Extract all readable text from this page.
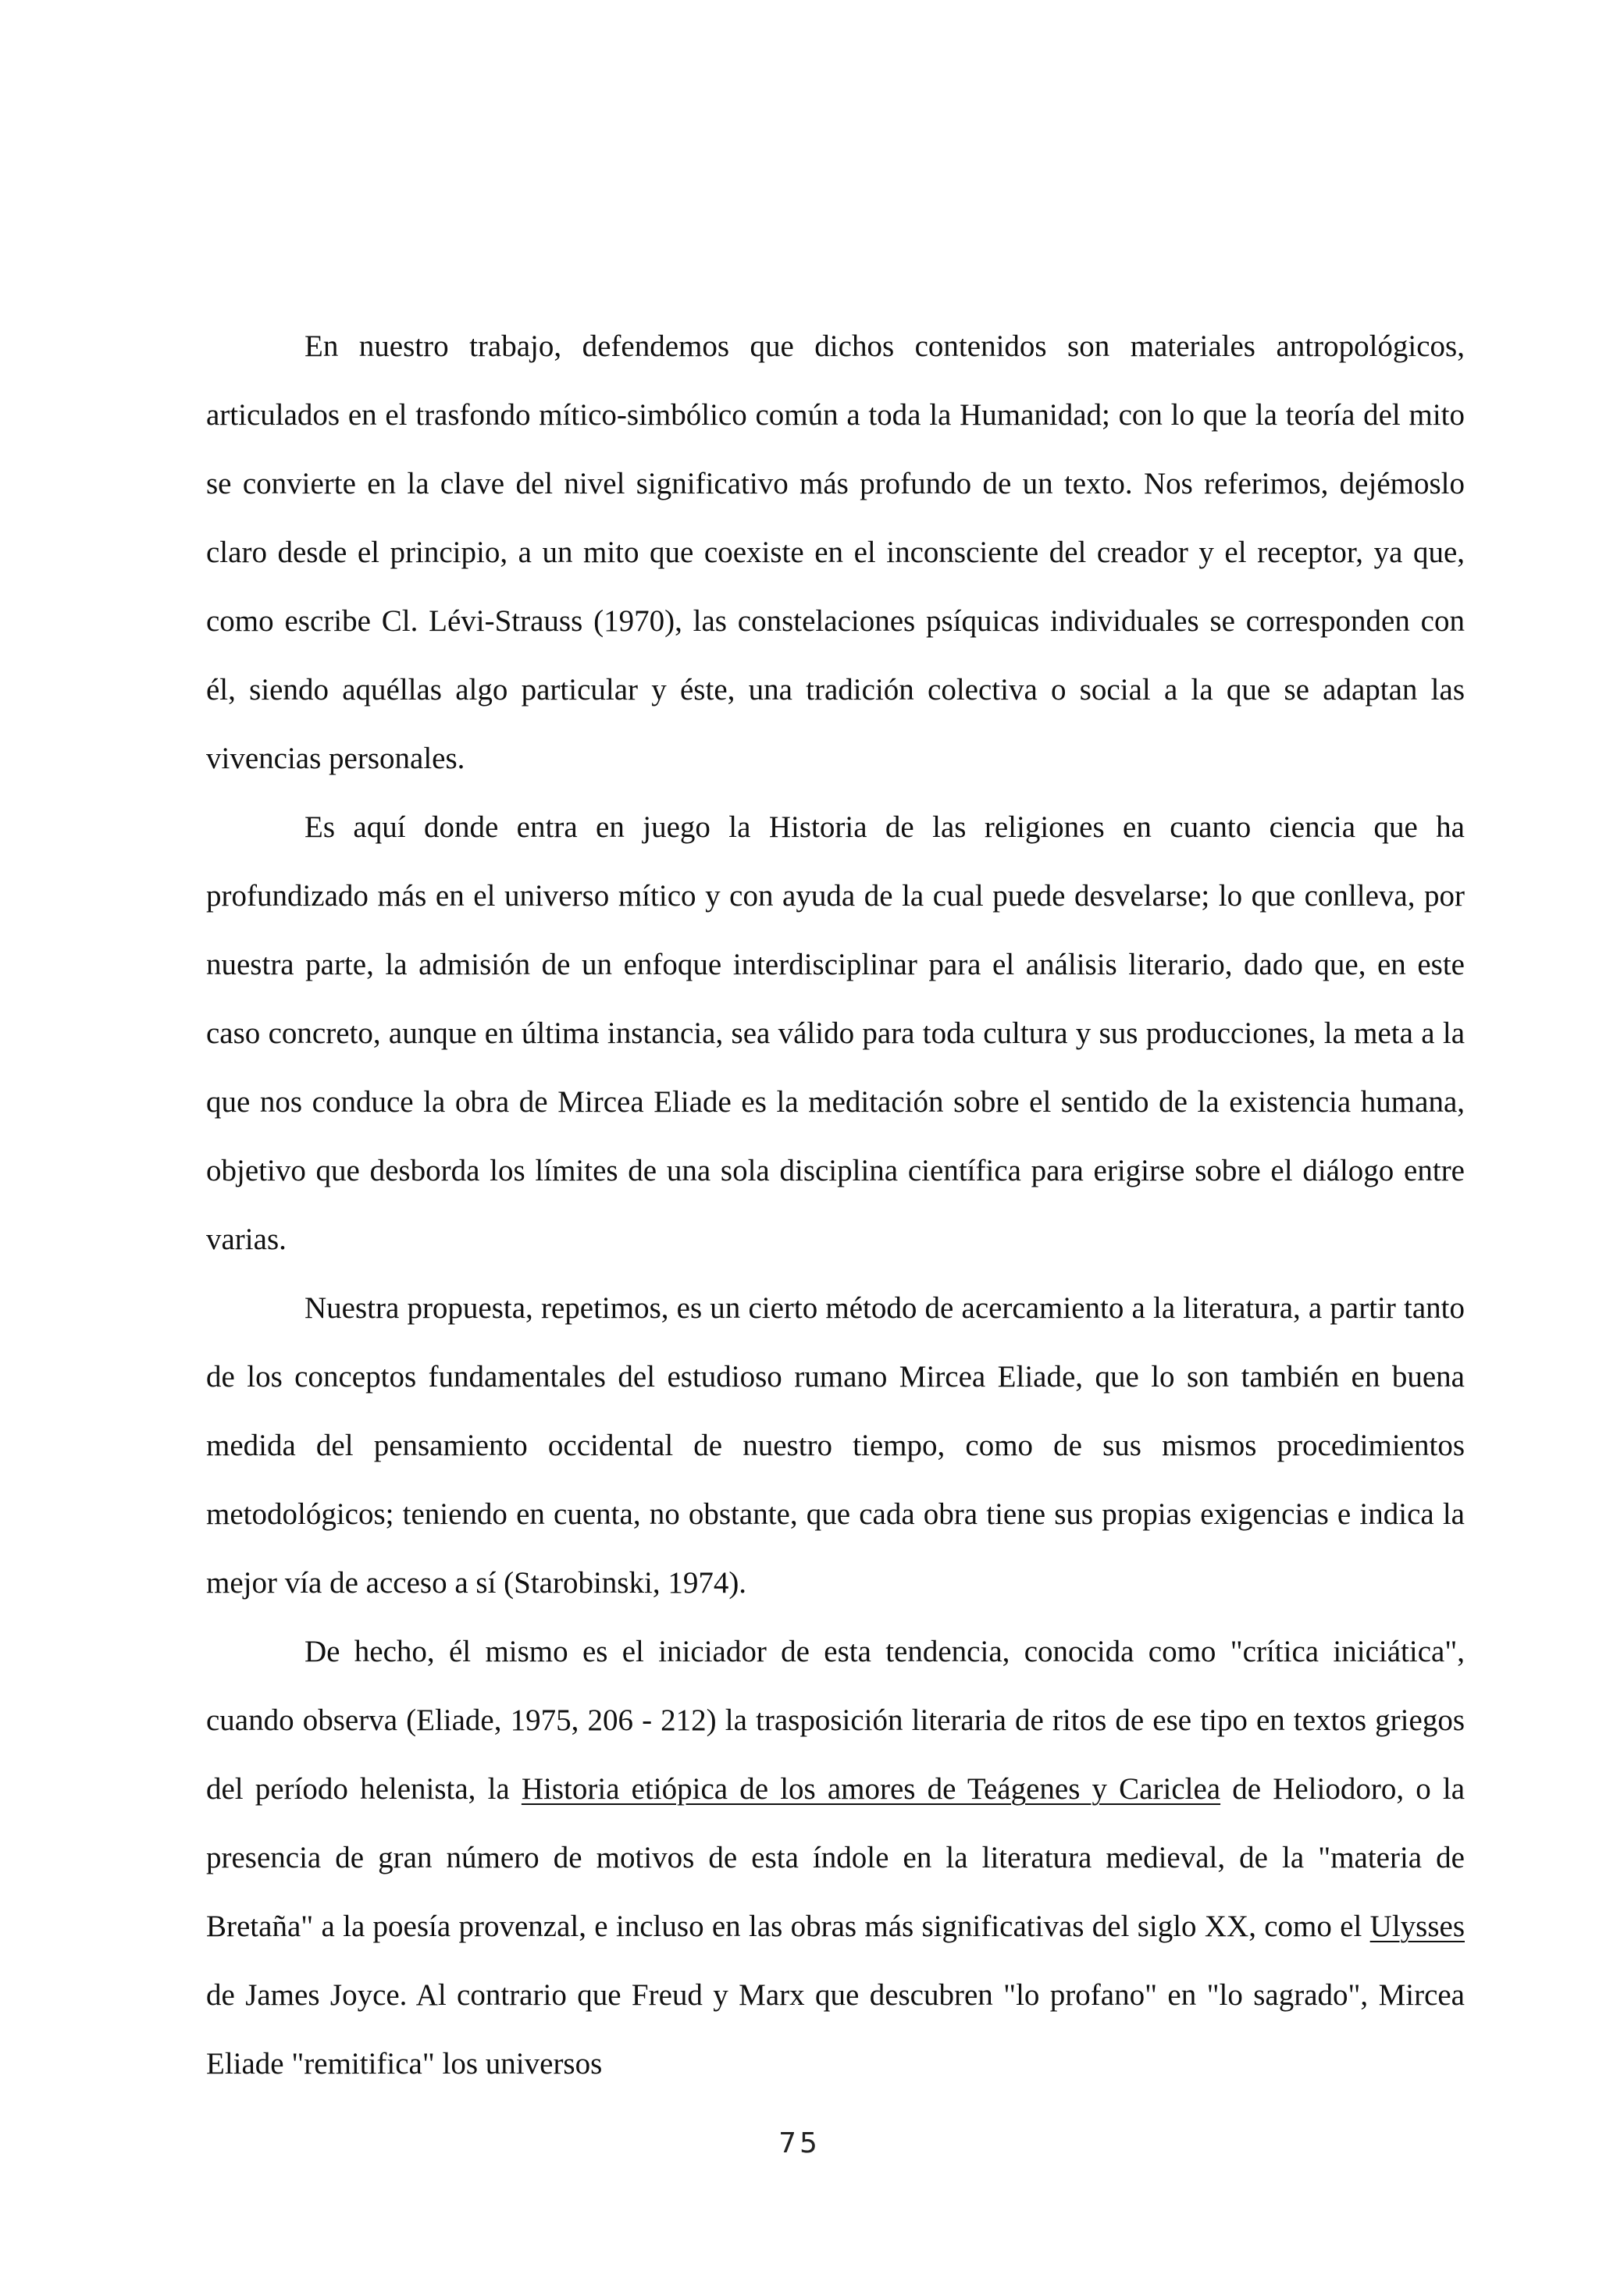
En nuestro trabajo, defendemos que dichos contenidos son materiales antropológicos, articulados en el trasfondo mítico-simbólico común a toda la Humanidad; con lo que la teoría del mito se convierte en la clave del nivel significativo más profundo de un texto. Nos referimos, dejémoslo claro desde el principio, a un mito que coexiste en el inconsciente del creador y el receptor, ya que, como escribe Cl. Lévi-Strauss (1970), las constelaciones psíquicas individuales se corresponden con él, siendo aquéllas algo particular y éste, una tradición colectiva o social a la que se adaptan las vivencias personales.

Es aquí donde entra en juego la Historia de las religiones en cuanto ciencia que ha profundizado más en el universo mítico y con ayuda de la cual puede desvelarse; lo que conlleva, por nuestra parte, la admisión de un enfoque interdisciplinar para el análisis literario, dado que, en este caso concreto, aunque en última instancia, sea válido para toda cultura y sus producciones, la meta a la que nos conduce la obra de Mircea Eliade es la meditación sobre el sentido de la existencia humana, objetivo que desborda los límites de una sola disciplina científica para erigirse sobre el diálogo entre varias.

Nuestra propuesta, repetimos, es un cierto método de acercamiento a la literatura, a partir tanto de los conceptos fundamentales del estudioso rumano Mircea Eliade, que lo son también en buena medida del pensamiento occidental de nuestro tiempo, como de sus mismos procedimientos metodológicos; teniendo en cuenta, no obstante, que cada obra tiene sus propias exigencias e indica la mejor vía de acceso a sí (Starobinski, 1974).

De hecho, él mismo es el iniciador de esta tendencia, conocida como "crítica iniciática", cuando observa (Eliade, 1975, 206 - 212) la trasposición literaria de ritos de ese tipo en textos griegos del período helenista, la Historia etiópica de los amores de Teágenes y Cariclea de Heliodoro, o la presencia de gran número de motivos de esta índole en la literatura medieval, de la "materia de Bretaña" a la poesía provenzal, e incluso en las obras más significativas del siglo XX, como el Ulysses de James Joyce. Al contrario que Freud y Marx que descubren "lo profano" en "lo sagrado", Mircea Eliade "remitifica" los universos

75
